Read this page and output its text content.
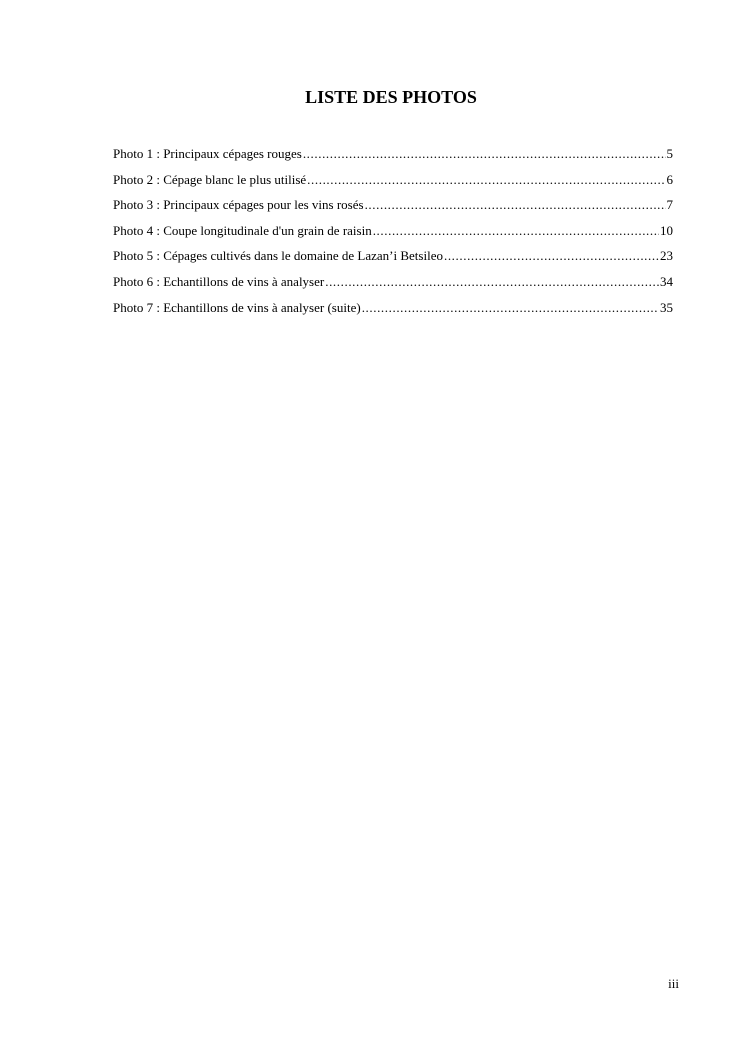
LISTE DES PHOTOS
Photo 1 : Principaux cépages rouges .....	5
Photo 2 : Cépage blanc le plus utilisé .....	6
Photo 3 : Principaux cépages pour les vins rosés .....	7
Photo 4 : Coupe longitudinale d'un grain de raisin .....	10
Photo 5 : Cépages cultivés dans le domaine de Lazan’i Betsileo .....	23
Photo 6 : Echantillons de vins à analyser .....	34
Photo 7 : Echantillons de vins à analyser (suite) .....	35
iii
